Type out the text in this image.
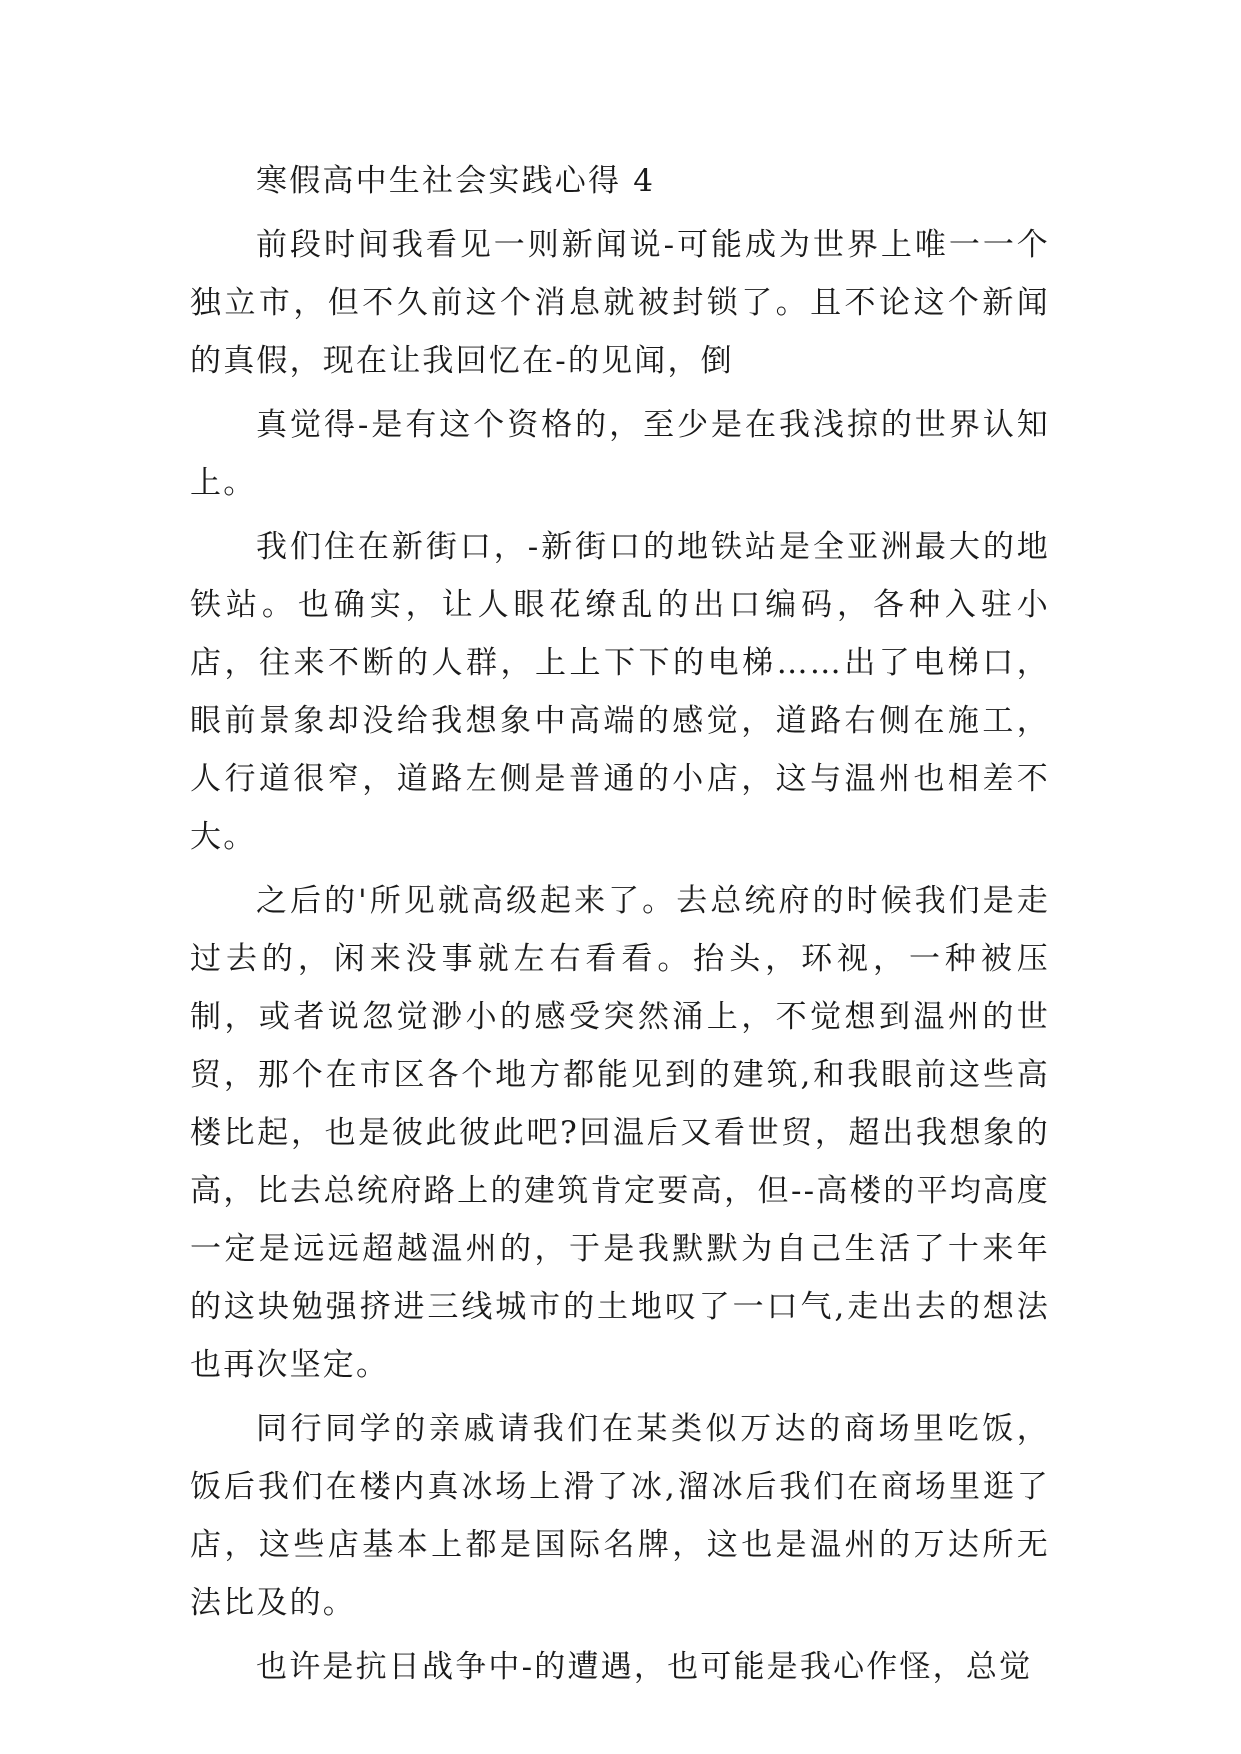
寒假高中生社会实践心得 4

前段时间我看见一则新闻说-可能成为世界上唯一一个独立市，但不久前这个消息就被封锁了。且不论这个新闻的真假，现在让我回忆在-的见闻，倒

真觉得-是有这个资格的，至少是在我浅掠的世界认知上。

我们住在新街口，-新街口的地铁站是全亚洲最大的地铁站。也确实，让人眼花缭乱的出口编码，各种入驻小店，往来不断的人群，上上下下的电梯……出了电梯口，眼前景象却没给我想象中高端的感觉，道路右侧在施工，人行道很窄，道路左侧是普通的小店，这与温州也相差不大。

之后的'所见就高级起来了。去总统府的时候我们是走过去的，闲来没事就左右看看。抬头，环视，一种被压制，或者说忽觉渺小的感受突然涌上，不觉想到温州的世贸，那个在市区各个地方都能见到的建筑,和我眼前这些高楼比起，也是彼此彼此吧?回温后又看世贸，超出我想象的高，比去总统府路上的建筑肯定要高，但--高楼的平均高度一定是远远超越温州的，于是我默默为自己生活了十来年的这块勉强挤进三线城市的土地叹了一口气,走出去的想法也再次坚定。

同行同学的亲戚请我们在某类似万达的商场里吃饭，饭后我们在楼内真冰场上滑了冰,溜冰后我们在商场里逛了店，这些店基本上都是国际名牌，这也是温州的万达所无法比及的。

也许是抗日战争中-的遭遇，也可能是我心作怪，总觉
